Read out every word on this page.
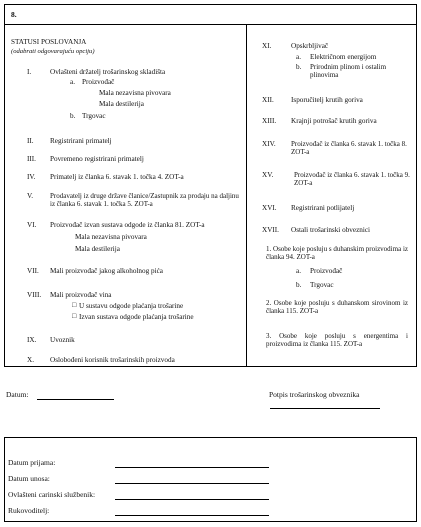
8.
STATUSI POSLOVANJA
(odabrati odgovarajuću opciju)
I.	Ovlašteni držatelj trošarinskog skladišta
a. Proizvođač
Mala nezavisna pivovara
Mala destilerija
b. Trgovac
II. Registrirani primatelj
III. Povremeno registrirani primatelj
IV. Primatelj iz članka 6. stavak 1. točka 4. ZOT-a
V. Prodavatelj iz druge države članice/Zastupnik za prodaju na daljinu iz članka 6. stavak 1. točka 5. ZOT-a
VI. Proizvođač izvan sustava odgode iz članka 81. ZOT-a
Mala nezavisna pivovara
Mala destilerija
VII. Mali proizvođač jakog alkoholnog pića
VIII. Mali proizvođač vina
□ U sustavu odgode plaćanja trošarine
□ Izvan sustava odgode plaćanja trošarine
IX. Uvoznik
X. Oslobođeni korisnik trošarinskih proizvoda
XI.	Opskrbljivač
a. Električnom energijom
b. Prirodnim plinom i ostalim plinovima
XII. Isporučitelj krutih goriva
XIII. Krajnji potrošač krutih goriva
XIV. Proizvođač iz članka 6. stavak 1. točka 8. ZOT-a
XV.	Proizvođač iz članka 6. stavak 1. točka 9. ZOT-a
XVI. Registrirani potlijatelj
XVII. Ostali trošarinski obveznici
1. Osobe koje posluju s duhanskim proizvodima iz članka 94. ZOT-a
a. Proizvođač
b. Trgovac
2. Osobe koje posluju s duhanskom sirovinom iz članka 115. ZOT-a
3. Osobe koje posluju s energentima i proizvodima iz članka 115. ZOT-a
Datum:	Potpis trošarinskog obveznika
Datum prijama:
Datum unosa:
Ovlašteni carinski službenik:
Rukovoditelj:
